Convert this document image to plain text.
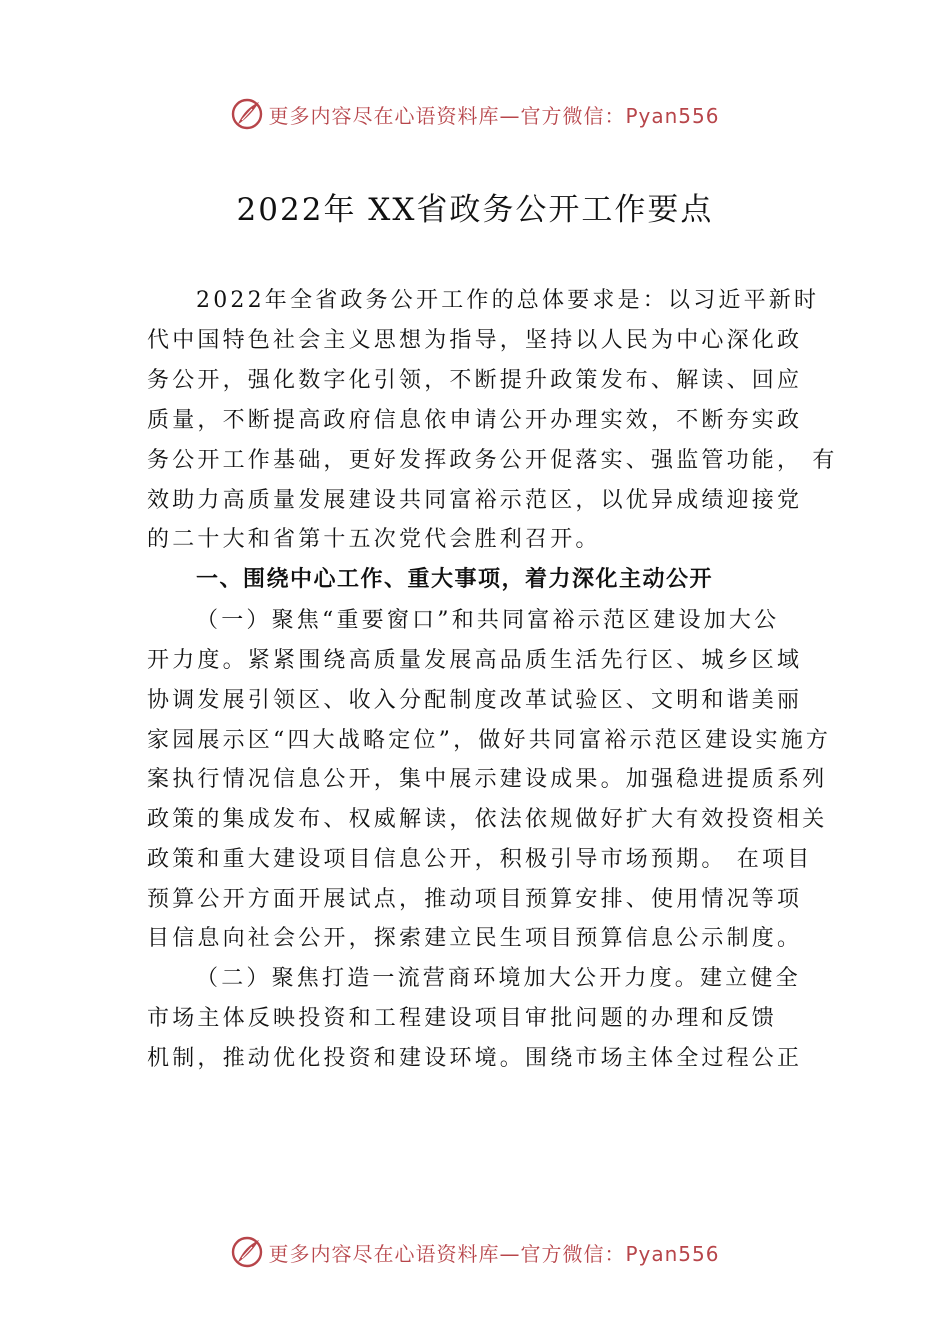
更多内容尽在心语资料库—官方微信：Pyan556
2022年 XX省政务公开工作要点

2022年全省政务公开工作的总体要求是：以习近平新时

代中国特色社会主义思想为指导，坚持以人民为中心深化政

务公开，强化数字化引领，不断提升政策发布、解读、回应

质量，不断提高政府信息依申请公开办理实效，不断夯实政

务公开工作基础，更好发挥政务公开促落实、强监管功能， 有

效助力高质量发展建设共同富裕示范区，以优异成绩迎接党

的二十大和省第十五次党代会胜利召开。

一、围绕中心工作、重大事项，着力深化主动公开

（一）聚焦“重要窗口”和共同富裕示范区建设加大公

开力度。紧紧围绕高质量发展高品质生活先行区、城乡区域

协调发展引领区、收入分配制度改革试验区、文明和谐美丽

家园展示区“四大战略定位”，做好共同富裕示范区建设实施方

案执行情况信息公开，集中展示建设成果。加强稳进提质系列

政策的集成发布、权威解读，依法依规做好扩大有效投资相关

政策和重大建设项目信息公开，积极引导市场预期。 在项目

预算公开方面开展试点，推动项目预算安排、使用情况等项

目信息向社会公开，探索建立民生项目预算信息公示制度。

（二）聚焦打造一流营商环境加大公开力度。建立健全

市场主体反映投资和工程建设项目审批问题的办理和反馈

机制，推动优化投资和建设环境。围绕市场主体全过程公正

更多内容尽在心语资料库—官方微信：Pyan556
